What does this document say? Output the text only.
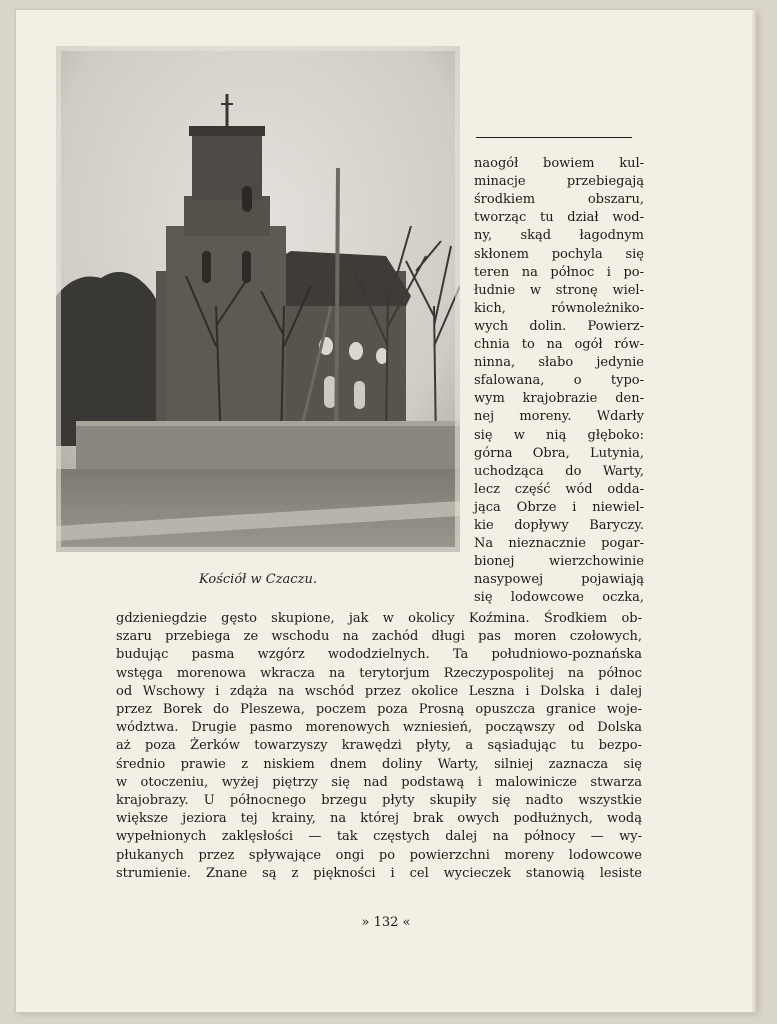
Kościół w Czaczu.
naogół bowiem kul-
minacje przebiegają
środkiem obszaru,
tworząc tu dział wod-
ny, skąd łagodnym
skłonem pochyla się
teren na północ i po-
łudnie w stronę wiel-
kich, równoleżniko-
wych dolin. Powierz-
chnia to na ogół rów-
ninna, słabo jedynie
sfalowana, o typo-
wym krajobrazie den-
nej moreny. Wdarły
się w nią głęboko:
górna Obra, Lutynia,
uchodząca do Warty,
lecz część wód odda-
jąca Obrze i niewiel-
kie dopływy Baryczy.
Na nieznacznie pogar-
bionej wierzchowinie
nasypowej pojawiają
się lodowcowe oczka,
gdzieniegdzie gęsto skupione, jak w okolicy Koźmina. Środkiem ob-
szaru przebiega ze wschodu na zachód długi pas moren czołowych,
budując pasma wzgórz wododzielnych. Ta południowo-poznańska
wstęga morenowa wkracza na terytorjum Rzeczypospolitej na północ
od Wschowy i zdąża na wschód przez okolice Leszna i Dolska i dalej
przez Borek do Pleszewa, poczem poza Prosną opuszcza granice woje-
wództwa. Drugie pasmo morenowych wzniesień, począwszy od Dolska
aż poza Żerków towarzyszy krawędzi płyty, a sąsiadując tu bezpo-
średnio prawie z niskiem dnem doliny Warty, silniej zaznacza się
w otoczeniu, wyżej piętrzy się nad podstawą i malowinicze stwarza
krajobrazy. U północnego brzegu płyty skupiły się nadto wszystkie
większe jeziora tej krainy, na której brak owych podłużnych, wodą
wypełnionych zaklęsłości — tak częstych dalej na północy — wy-
płukanych przez spływające ongi po powierzchni moreny lodowcowe
strumienie. Znane są z piękności i cel wycieczek stanowią lesiste
» 132 «
